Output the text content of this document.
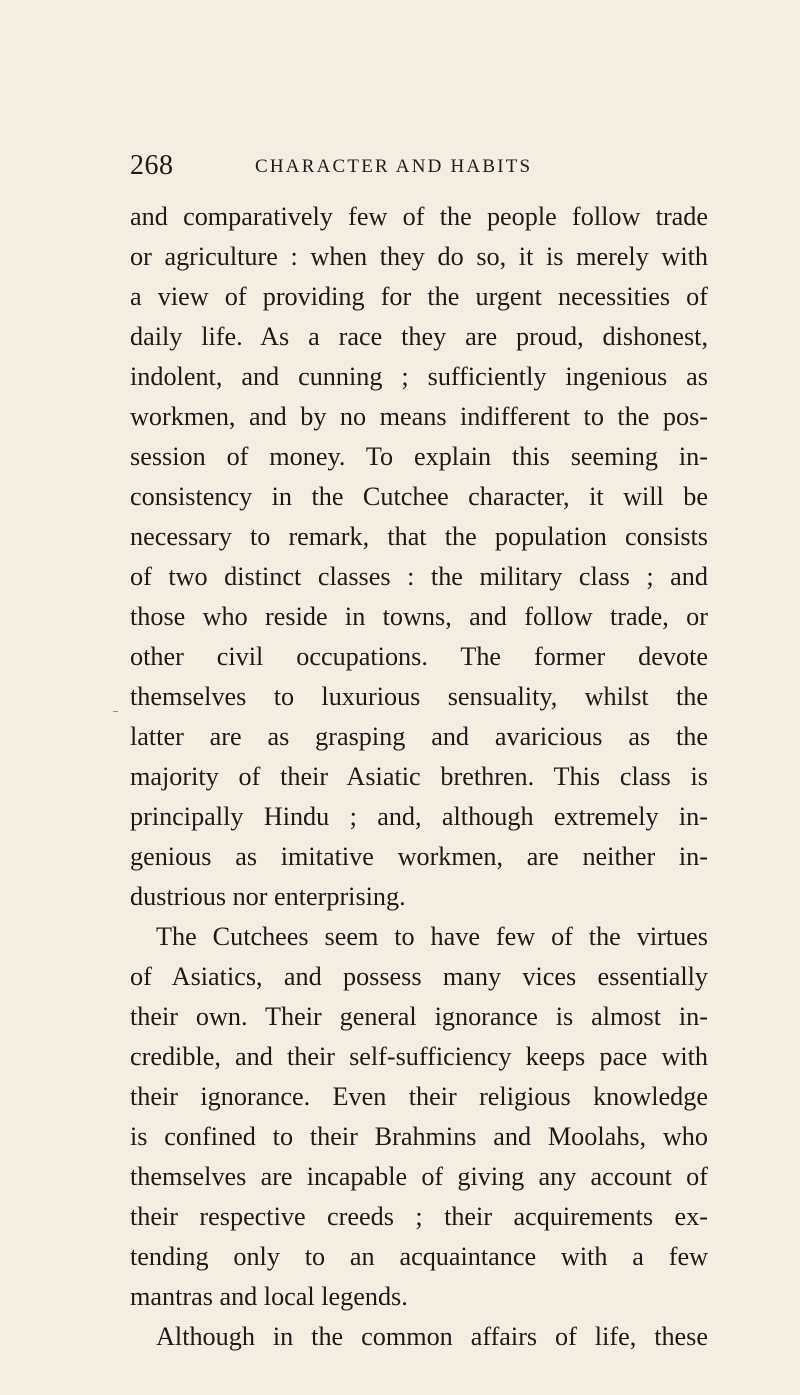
268	CHARACTER AND HABITS
and comparatively few of the people follow trade
or agriculture : when they do so, it is merely with
a view of providing for the urgent necessities of
daily life. As a race they are proud, dishonest,
indolent, and cunning ; sufficiently ingenious as
workmen, and by no means indifferent to the pos-
session of money. To explain this seeming in-
consistency in the Cutchee character, it will be
necessary to remark, that the population consists
of two distinct classes : the military class ; and
those who reside in towns, and follow trade, or
other civil occupations. The former devote
themselves to luxurious sensuality, whilst the
latter are as grasping and avaricious as the
majority of their Asiatic brethren. This class is
principally Hindu ; and, although extremely in-
genious as imitative workmen, are neither in-
dustrious nor enterprising.
The Cutchees seem to have few of the virtues
of Asiatics, and possess many vices essentially
their own. Their general ignorance is almost in-
credible, and their self-sufficiency keeps pace with
their ignorance. Even their religious knowledge
is confined to their Brahmins and Moolahs, who
themselves are incapable of giving any account of
their respective creeds ; their acquirements ex-
tending only to an acquaintance with a few
mantras and local legends.
Although in the common affairs of life, these
